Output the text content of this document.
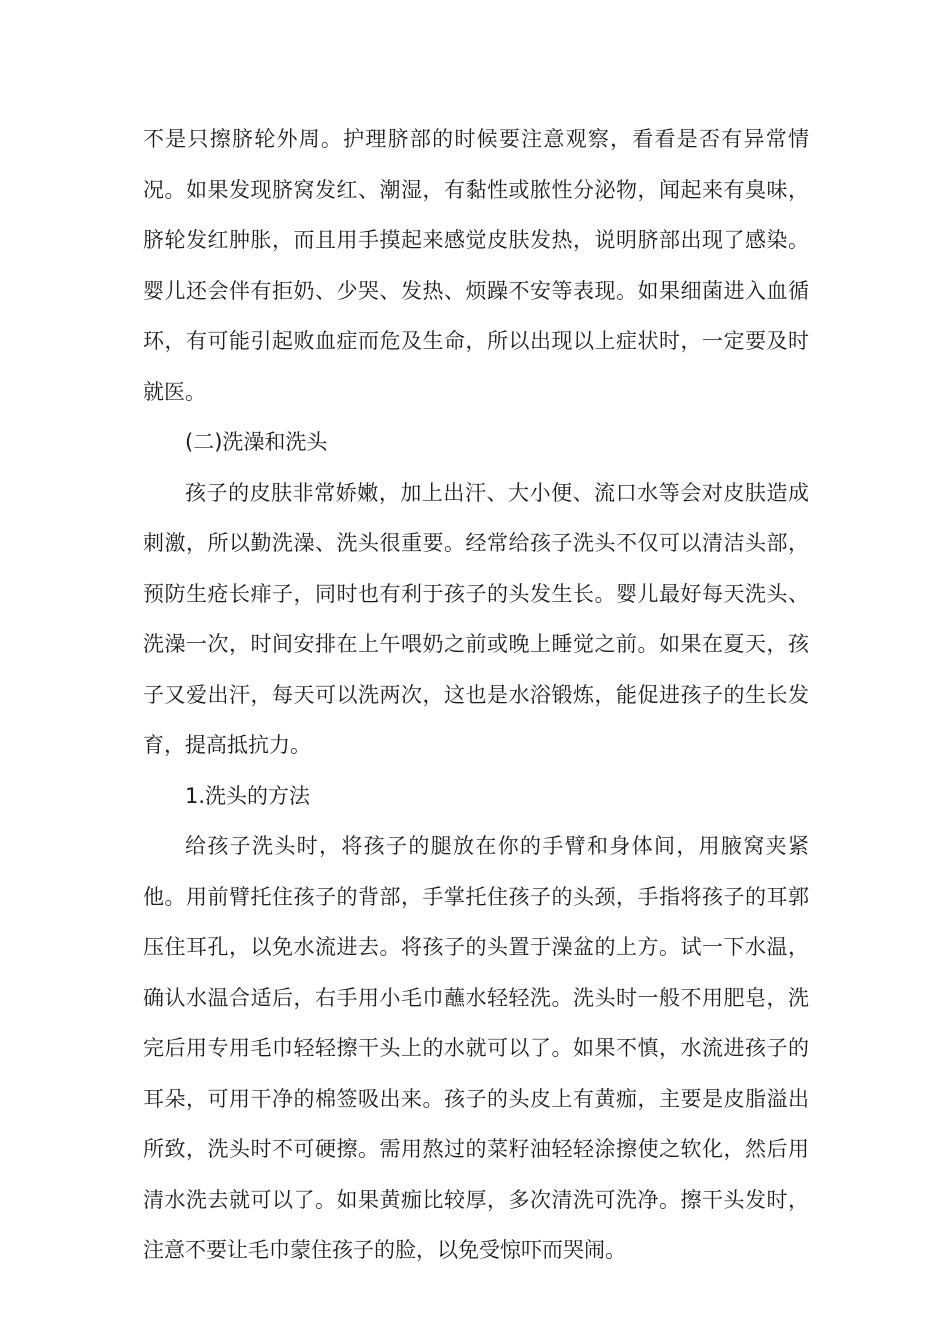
不是只擦脐轮外周。护理脐部的时候要注意观察，看看是否有异常情况。如果发现脐窝发红、潮湿，有黏性或脓性分泌物，闻起来有臭味，脐轮发红肿胀，而且用手摸起来感觉皮肤发热，说明脐部出现了感染。婴儿还会伴有拒奶、少哭、发热、烦躁不安等表现。如果细菌进入血循环，有可能引起败血症而危及生命，所以出现以上症状时，一定要及时就医。

(二)洗澡和洗头

孩子的皮肤非常娇嫩，加上出汗、大小便、流口水等会对皮肤造成刺激，所以勤洗澡、洗头很重要。经常给孩子洗头不仅可以清洁头部，预防生疮长痱子，同时也有利于孩子的头发生长。婴儿最好每天洗头、洗澡一次，时间安排在上午喂奶之前或晚上睡觉之前。如果在夏天，孩子又爱出汗，每天可以洗两次，这也是水浴锻炼，能促进孩子的生长发育，提高抵抗力。

1.洗头的方法

给孩子洗头时，将孩子的腿放在你的手臂和身体间，用腋窝夹紧他。用前臂托住孩子的背部，手掌托住孩子的头颈，手指将孩子的耳郭压住耳孔，以免水流进去。将孩子的头置于澡盆的上方。试一下水温，确认水温合适后，右手用小毛巾蘸水轻轻洗。洗头时一般不用肥皂，洗完后用专用毛巾轻轻擦干头上的水就可以了。如果不慎，水流进孩子的耳朵，可用干净的棉签吸出来。孩子的头皮上有黄痂，主要是皮脂溢出所致，洗头时不可硬擦。需用熬过的菜籽油轻轻涂擦使之软化，然后用清水洗去就可以了。如果黄痂比较厚，多次清洗可洗净。擦干头发时，注意不要让毛巾蒙住孩子的脸，以免受惊吓而哭闹。
